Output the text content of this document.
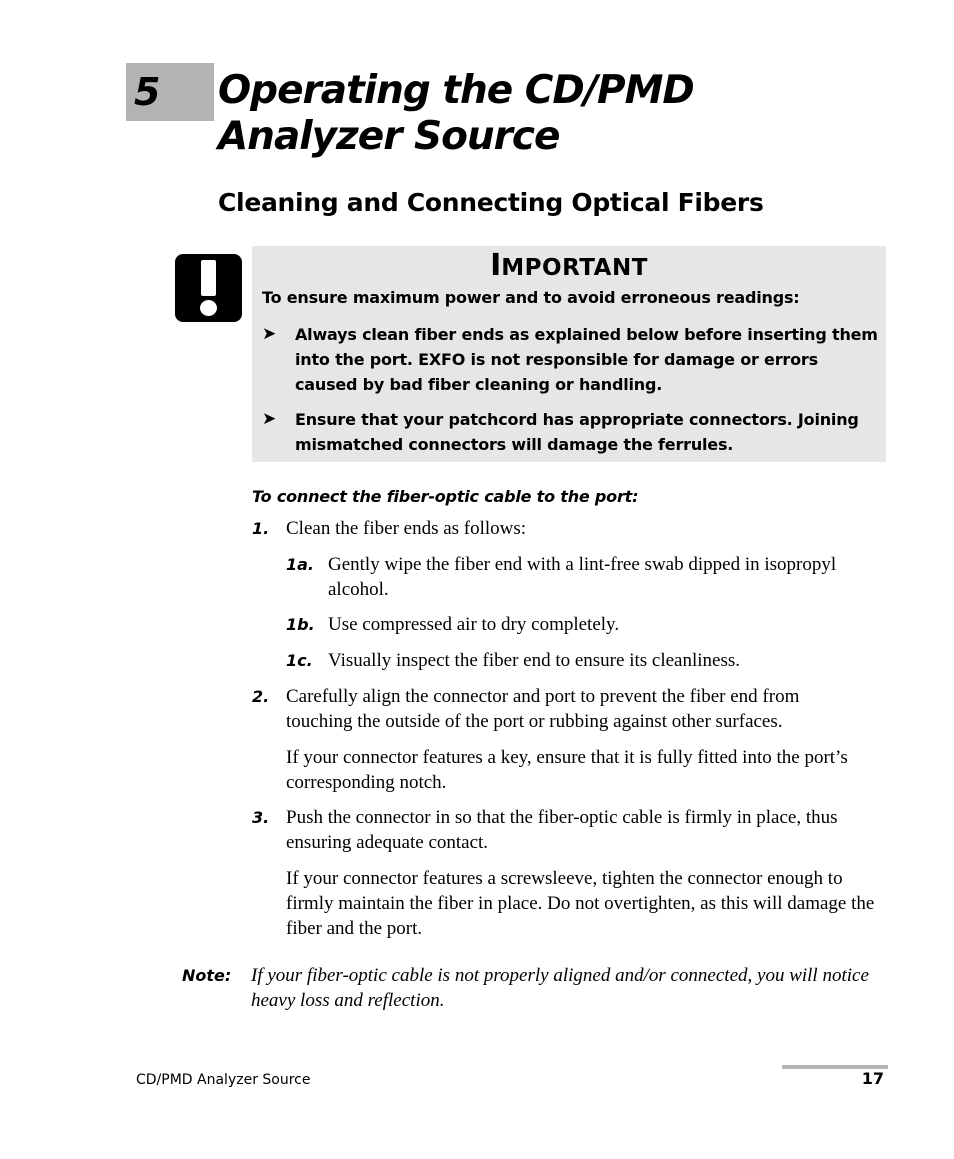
5 Operating the CD/PMD
Analyzer Source
Cleaning and Connecting Optical Fibers
IMPORTANT
To ensure maximum power and to avoid erroneous readings:
➤ Always clean fiber ends as explained below before inserting them into the port. EXFO is not responsible for damage or errors caused by bad fiber cleaning or handling.
➤ Ensure that your patchcord has appropriate connectors. Joining mismatched connectors will damage the ferrules.
To connect the fiber-optic cable to the port:
1. Clean the fiber ends as follows:
1a. Gently wipe the fiber end with a lint-free swab dipped in isopropyl alcohol.
1b. Use compressed air to dry completely.
1c. Visually inspect the fiber end to ensure its cleanliness.
2. Carefully align the connector and port to prevent the fiber end from touching the outside of the port or rubbing against other surfaces.
If your connector features a key, ensure that it is fully fitted into the port’s corresponding notch.
3. Push the connector in so that the fiber-optic cable is firmly in place, thus ensuring adequate contact.
If your connector features a screwsleeve, tighten the connector enough to firmly maintain the fiber in place. Do not overtighten, as this will damage the fiber and the port.
Note: If your fiber-optic cable is not properly aligned and/or connected, you will notice heavy loss and reflection.
CD/PMD Analyzer Source	17
